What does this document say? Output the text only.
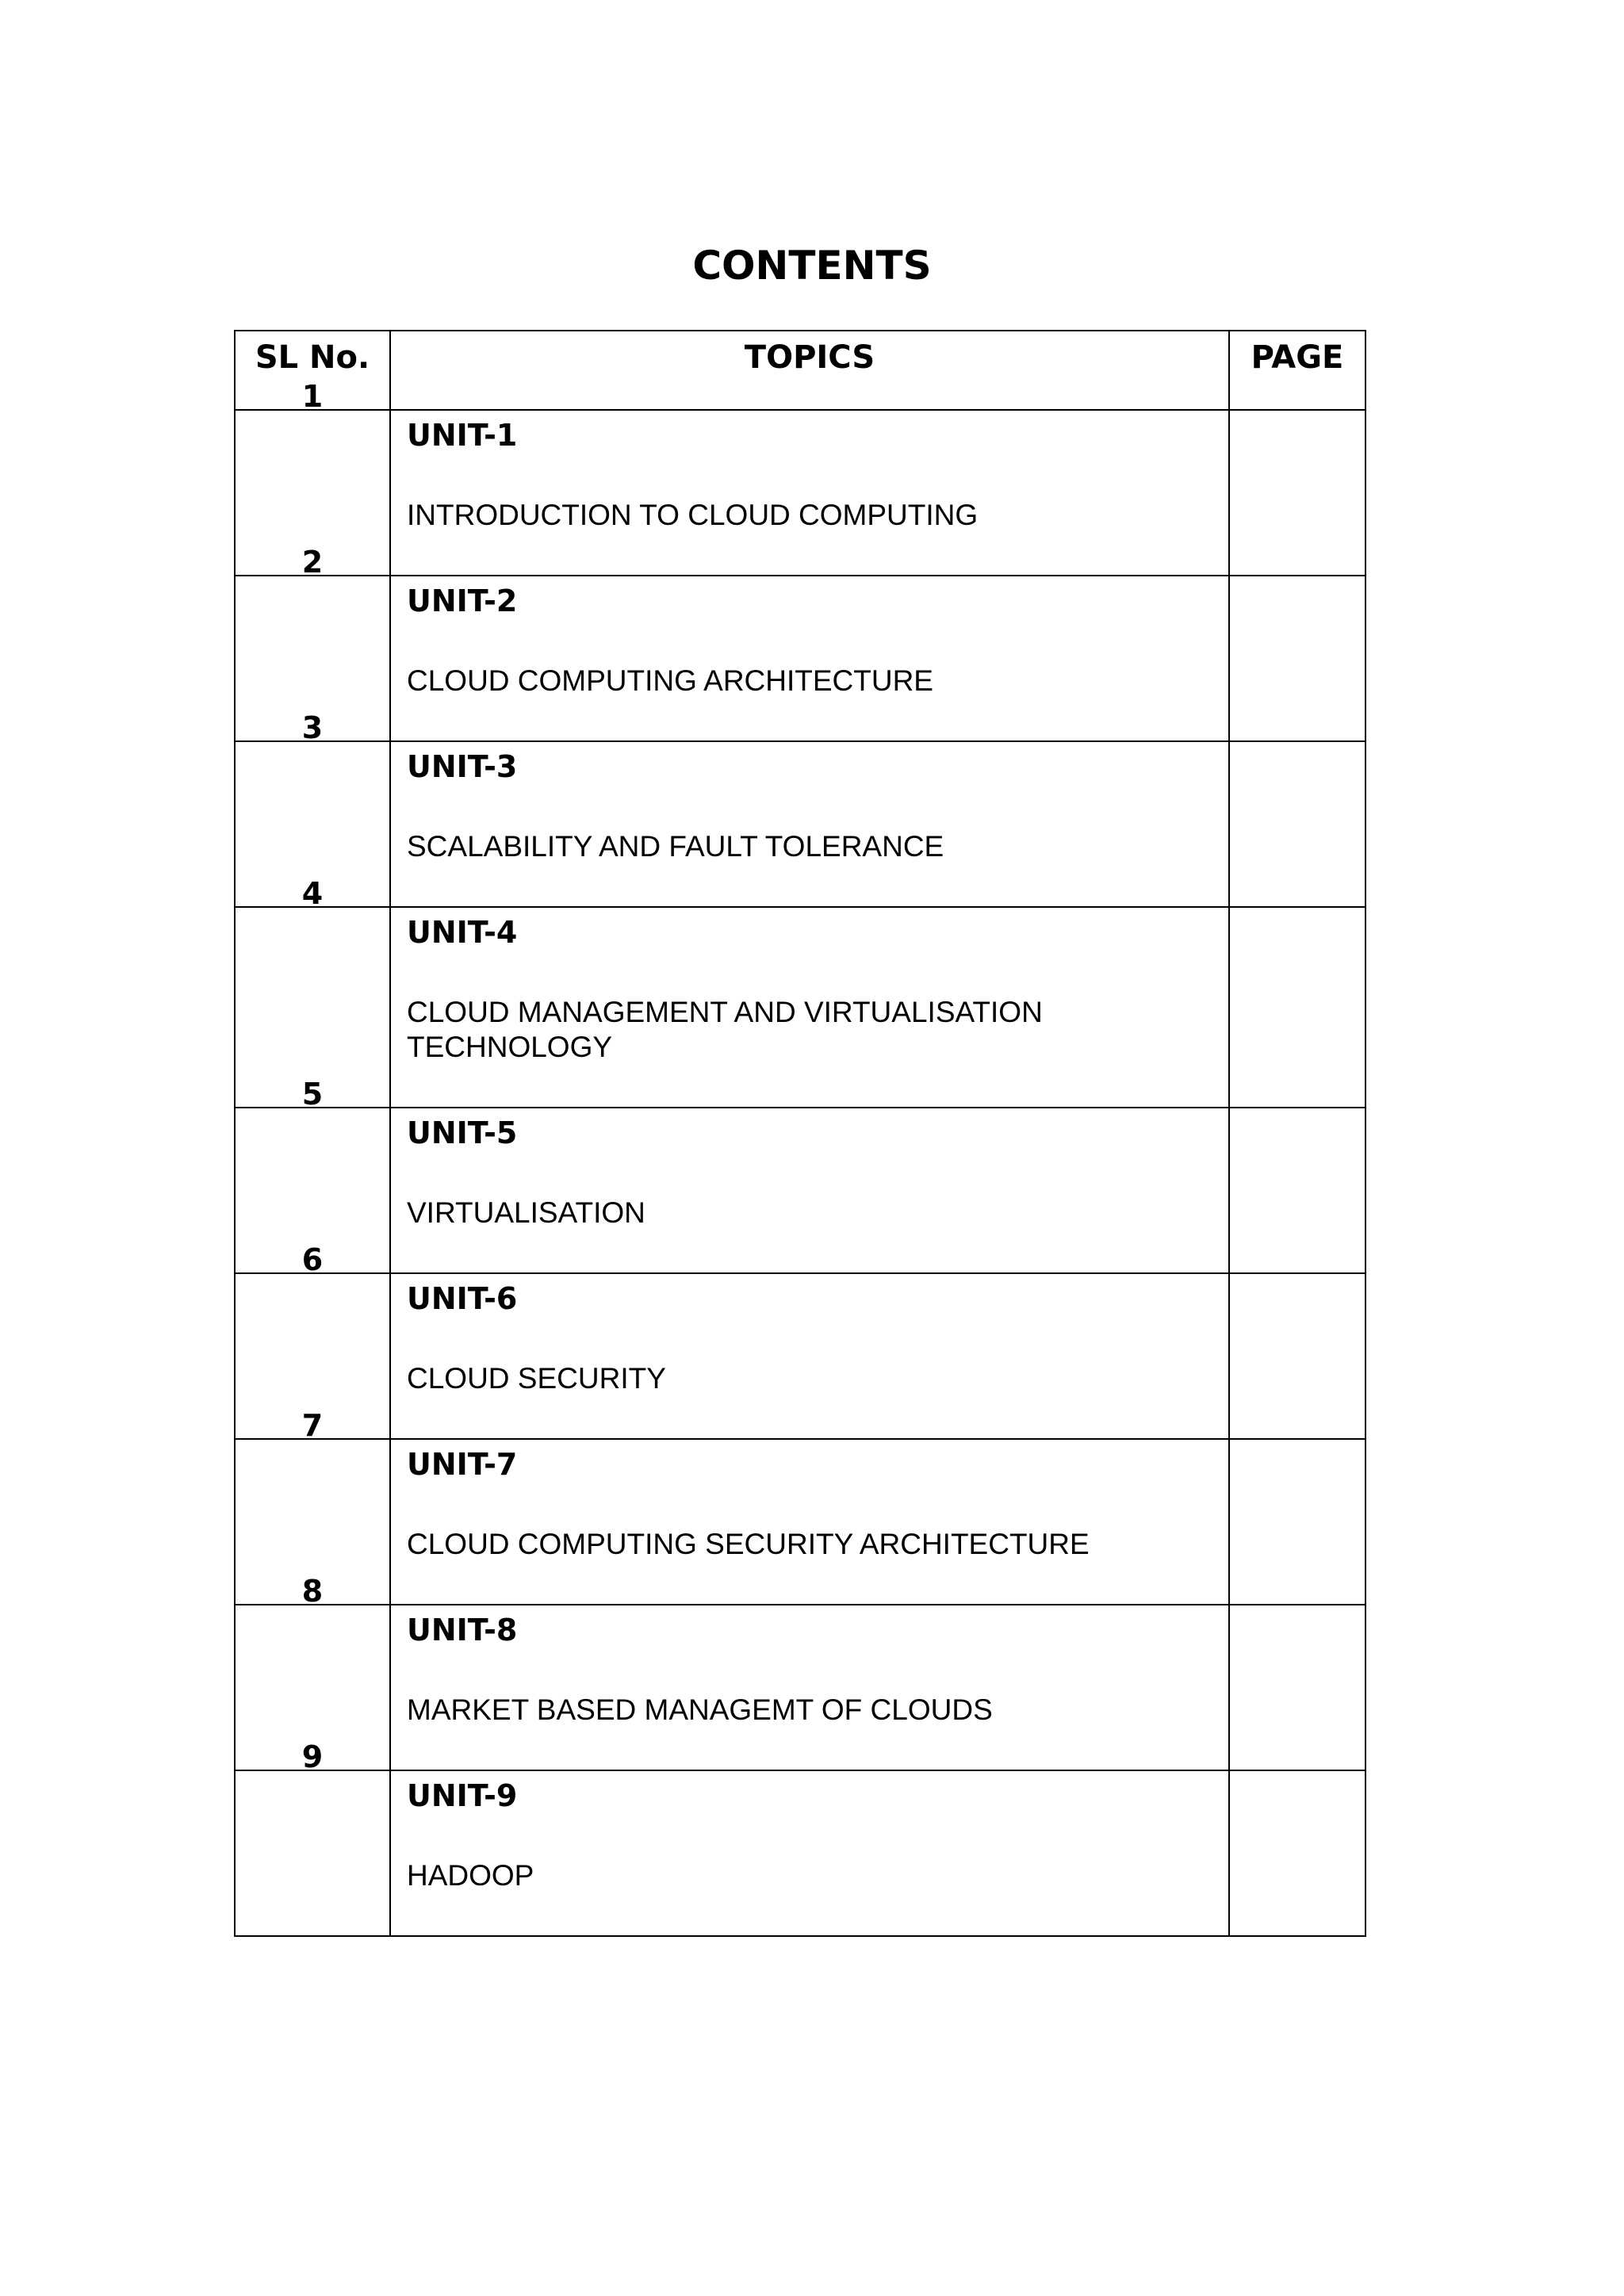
CONTENTS
SL No.	TOPICS	PAGE

1	UNIT-1
INTRODUCTION TO CLOUD COMPUTING	

2	UNIT-2
CLOUD COMPUTING ARCHITECTURE	

3	UNIT-3
SCALABILITY AND FAULT TOLERANCE	

4	UNIT-4
CLOUD MANAGEMENT AND VIRTUALISATION TECHNOLOGY	

5	UNIT-5
VIRTUALISATION	

6	UNIT-6
CLOUD SECURITY	

7	UNIT-7
CLOUD COMPUTING SECURITY ARCHITECTURE	

8	UNIT-8
MARKET BASED MANAGEMT OF CLOUDS	

9	UNIT-9
HADOOP	
